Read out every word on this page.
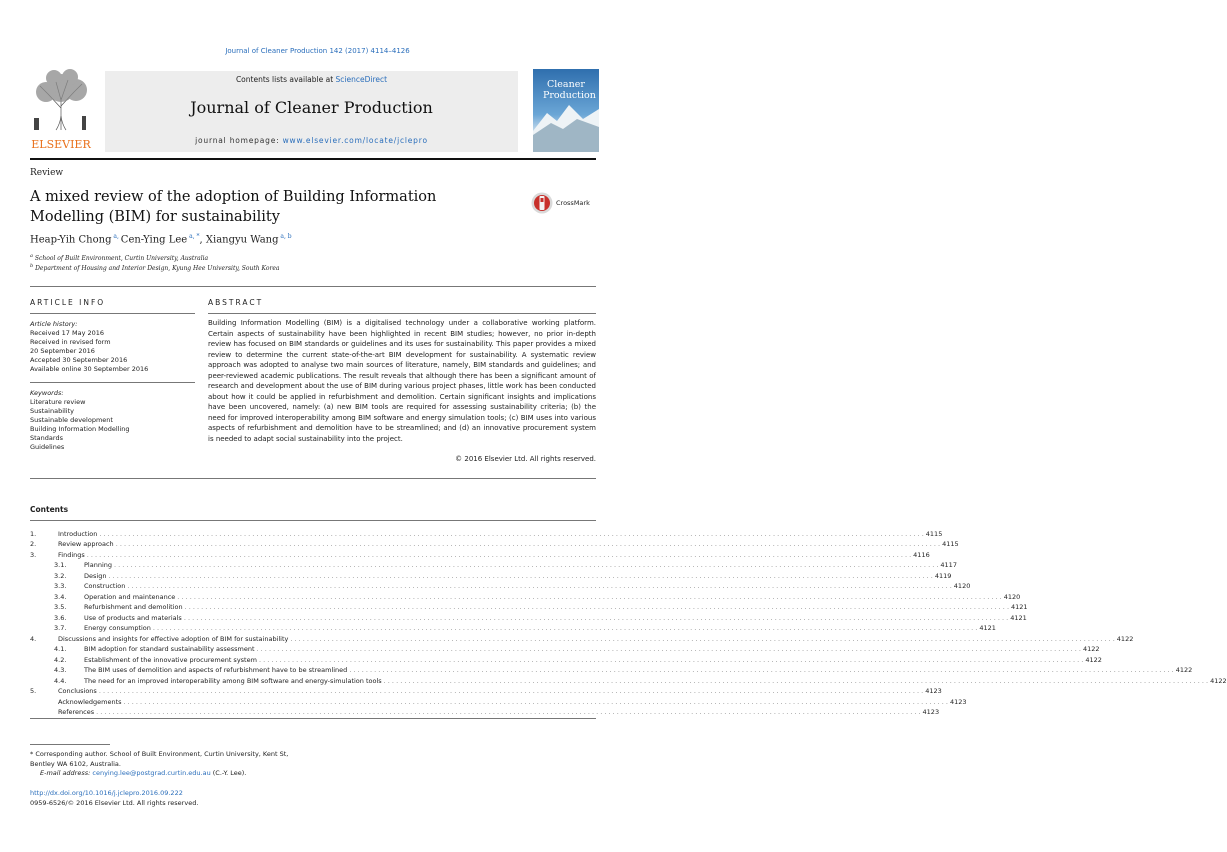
Journal of Cleaner Production 142 (2017) 4114–4126
ELSEVIER
Contents lists available at ScienceDirect
Journal of Cleaner Production
journal homepage: www.elsevier.com/locate/jclepro
Cleaner
Production
Review
A mixed review of the adoption of Building Information Modelling (BIM) for sustainability
CrossMark
Heap-Yih Chong $^{a,}$ Cen-Ying Lee $^{a, *}$, Xiangyu Wang $^{a, b}$
$^a$ School of Built Environment, Curtin University, Australia
$^b$ Department of Housing and Interior Design, Kyung Hee University, South Korea
ARTICLE INFO
Article history:
Received 17 May 2016
Received in revised form
20 September 2016
Accepted 30 September 2016
Available online 30 September 2016
Keywords:
Literature review
Sustainability
Sustainable development
Building Information Modelling
Standards
Guidelines
ABSTRACT
Building Information Modelling (BIM) is a digitalised technology under a collaborative working platform. Certain aspects of sustainability have been highlighted in recent BIM studies; however, no prior in-depth review has focused on BIM standards or guidelines and its uses for sustainability. This paper provides a mixed review to determine the current state-of-the-art BIM development for sustainability. A systematic review approach was adopted to analyse two main sources of literature, namely, BIM standards and guidelines; and peer-reviewed academic publications. The result reveals that although there has been a significant amount of research and development about the use of BIM during various project phases, little work has been conducted about how it could be applied in refurbishment and demolition. Certain significant insights and implications have been uncovered, namely: (a) new BIM tools are required for assessing sustainability criteria; (b) the need for improved interoperability among BIM software and energy simulation tools; (c) BIM uses into various aspects of refurbishment and demolition have to be streamlined; and (d) an innovative procurement system is needed to adapt social sustainability into the project.
© 2016 Elsevier Ltd. All rights reserved.
Contents
1.	Introduction . . . . . . . . . . . . . . . . . . . . . . . . . . . . . . . . . . . . . . . . . . . . . . . . . . . . . . . . . . . . . . . . . . . . . . . . . . . . . . . . . . . . . . . . . . . . . . . . . . . . . . . . . . . . . . . . . . . . . . . . . . . . . . . . . . . . . . . . . . . . . . . . . . . . . . . . . . . . . . . . . . . . . . . . . . . . . . . . . . . . . . . . . . . . . . . . . . . . . . . . 4115
2.	Review approach . . . . . . . . . . . . . . . . . . . . . . . . . . . . . . . . . . . . . . . . . . . . . . . . . . . . . . . . . . . . . . . . . . . . . . . . . . . . . . . . . . . . . . . . . . . . . . . . . . . . . . . . . . . . . . . . . . . . . . . . . . . . . . . . . . . . . . . . . . . . . . . . . . . . . . . . . . . . . . . . . . . . . . . . . . . . . . . . . . . . . . . . . . . . . . . . . . . . . . . . 4115
3.	Findings . . . . . . . . . . . . . . . . . . . . . . . . . . . . . . . . . . . . . . . . . . . . . . . . . . . . . . . . . . . . . . . . . . . . . . . . . . . . . . . . . . . . . . . . . . . . . . . . . . . . . . . . . . . . . . . . . . . . . . . . . . . . . . . . . . . . . . . . . . . . . . . . . . . . . . . . . . . . . . . . . . . . . . . . . . . . . . . . . . . . . . . . . . . . . . . . . . . . . . . . 4116
3.1.	Planning . . . . . . . . . . . . . . . . . . . . . . . . . . . . . . . . . . . . . . . . . . . . . . . . . . . . . . . . . . . . . . . . . . . . . . . . . . . . . . . . . . . . . . . . . . . . . . . . . . . . . . . . . . . . . . . . . . . . . . . . . . . . . . . . . . . . . . . . . . . . . . . . . . . . . . . . . . . . . . . . . . . . . . . . . . . . . . . . . . . . . . . . . . . . . . . . . . . . . . . . 4117
3.2.	Design . . . . . . . . . . . . . . . . . . . . . . . . . . . . . . . . . . . . . . . . . . . . . . . . . . . . . . . . . . . . . . . . . . . . . . . . . . . . . . . . . . . . . . . . . . . . . . . . . . . . . . . . . . . . . . . . . . . . . . . . . . . . . . . . . . . . . . . . . . . . . . . . . . . . . . . . . . . . . . . . . . . . . . . . . . . . . . . . . . . . . . . . . . . . . . . . . . . . . . . . 4119
3.3.	Construction . . . . . . . . . . . . . . . . . . . . . . . . . . . . . . . . . . . . . . . . . . . . . . . . . . . . . . . . . . . . . . . . . . . . . . . . . . . . . . . . . . . . . . . . . . . . . . . . . . . . . . . . . . . . . . . . . . . . . . . . . . . . . . . . . . . . . . . . . . . . . . . . . . . . . . . . . . . . . . . . . . . . . . . . . . . . . . . . . . . . . . . . . . . . . . . . . . . . . . . . 4120
3.4.	Operation and maintenance . . . . . . . . . . . . . . . . . . . . . . . . . . . . . . . . . . . . . . . . . . . . . . . . . . . . . . . . . . . . . . . . . . . . . . . . . . . . . . . . . . . . . . . . . . . . . . . . . . . . . . . . . . . . . . . . . . . . . . . . . . . . . . . . . . . . . . . . . . . . . . . . . . . . . . . . . . . . . . . . . . . . . . . . . . . . . . . . . . . . . . . . . . . . . . . . . . . . . . . . 4120
3.5.	Refurbishment and demolition . . . . . . . . . . . . . . . . . . . . . . . . . . . . . . . . . . . . . . . . . . . . . . . . . . . . . . . . . . . . . . . . . . . . . . . . . . . . . . . . . . . . . . . . . . . . . . . . . . . . . . . . . . . . . . . . . . . . . . . . . . . . . . . . . . . . . . . . . . . . . . . . . . . . . . . . . . . . . . . . . . . . . . . . . . . . . . . . . . . . . . . . . . . . . . . . . . . . . . . . 4121
3.6.	Use of products and materials . . . . . . . . . . . . . . . . . . . . . . . . . . . . . . . . . . . . . . . . . . . . . . . . . . . . . . . . . . . . . . . . . . . . . . . . . . . . . . . . . . . . . . . . . . . . . . . . . . . . . . . . . . . . . . . . . . . . . . . . . . . . . . . . . . . . . . . . . . . . . . . . . . . . . . . . . . . . . . . . . . . . . . . . . . . . . . . . . . . . . . . . . . . . . . . . . . . . . . . . 4121
3.7.	Energy consumption . . . . . . . . . . . . . . . . . . . . . . . . . . . . . . . . . . . . . . . . . . . . . . . . . . . . . . . . . . . . . . . . . . . . . . . . . . . . . . . . . . . . . . . . . . . . . . . . . . . . . . . . . . . . . . . . . . . . . . . . . . . . . . . . . . . . . . . . . . . . . . . . . . . . . . . . . . . . . . . . . . . . . . . . . . . . . . . . . . . . . . . . . . . . . . . . . . . . . . . . 4121
4.	Discussions and insights for effective adoption of BIM for sustainability . . . . . . . . . . . . . . . . . . . . . . . . . . . . . . . . . . . . . . . . . . . . . . . . . . . . . . . . . . . . . . . . . . . . . . . . . . . . . . . . . . . . . . . . . . . . . . . . . . . . . . . . . . . . . . . . . . . . . . . . . . . . . . . . . . . . . . . . . . . . . . . . . . . . . . . . . . . . . . . . . . . . . . . . . . . . . . . . . . . . . . . . . . . . . . . . . . . . . . . . 4122
4.1.	BIM adoption for standard sustainability assessment . . . . . . . . . . . . . . . . . . . . . . . . . . . . . . . . . . . . . . . . . . . . . . . . . . . . . . . . . . . . . . . . . . . . . . . . . . . . . . . . . . . . . . . . . . . . . . . . . . . . . . . . . . . . . . . . . . . . . . . . . . . . . . . . . . . . . . . . . . . . . . . . . . . . . . . . . . . . . . . . . . . . . . . . . . . . . . . . . . . . . . . . . . . . . . . . . . . . . . . . 4122
4.2.	Establishment of the innovative procurement system . . . . . . . . . . . . . . . . . . . . . . . . . . . . . . . . . . . . . . . . . . . . . . . . . . . . . . . . . . . . . . . . . . . . . . . . . . . . . . . . . . . . . . . . . . . . . . . . . . . . . . . . . . . . . . . . . . . . . . . . . . . . . . . . . . . . . . . . . . . . . . . . . . . . . . . . . . . . . . . . . . . . . . . . . . . . . . . . . . . . . . . . . . . . . . . . . . . . . . . . 4122
4.3.	The BIM uses of demolition and aspects of refurbishment have to be streamlined . . . . . . . . . . . . . . . . . . . . . . . . . . . . . . . . . . . . . . . . . . . . . . . . . . . . . . . . . . . . . . . . . . . . . . . . . . . . . . . . . . . . . . . . . . . . . . . . . . . . . . . . . . . . . . . . . . . . . . . . . . . . . . . . . . . . . . . . . . . . . . . . . . . . . . . . . . . . . . . . . . . . . . . . . . . . . . . . . . . . . . . . . . . . . . . . . . . . . . . . 4122
4.4.	The need for an improved interoperability among BIM software and energy-simulation tools . . . . . . . . . . . . . . . . . . . . . . . . . . . . . . . . . . . . . . . . . . . . . . . . . . . . . . . . . . . . . . . . . . . . . . . . . . . . . . . . . . . . . . . . . . . . . . . . . . . . . . . . . . . . . . . . . . . . . . . . . . . . . . . . . . . . . . . . . . . . . . . . . . . . . . . . . . . . . . . . . . . . . . . . . . . . . . . . . . . . . . . . . . . . . . . . . . . . . . . . 4122
5.	Conclusions . . . . . . . . . . . . . . . . . . . . . . . . . . . . . . . . . . . . . . . . . . . . . . . . . . . . . . . . . . . . . . . . . . . . . . . . . . . . . . . . . . . . . . . . . . . . . . . . . . . . . . . . . . . . . . . . . . . . . . . . . . . . . . . . . . . . . . . . . . . . . . . . . . . . . . . . . . . . . . . . . . . . . . . . . . . . . . . . . . . . . . . . . . . . . . . . . . . . . . . . 4123
Acknowledgements . . . . . . . . . . . . . . . . . . . . . . . . . . . . . . . . . . . . . . . . . . . . . . . . . . . . . . . . . . . . . . . . . . . . . . . . . . . . . . . . . . . . . . . . . . . . . . . . . . . . . . . . . . . . . . . . . . . . . . . . . . . . . . . . . . . . . . . . . . . . . . . . . . . . . . . . . . . . . . . . . . . . . . . . . . . . . . . . . . . . . . . . . . . . . . . . . . . . . . . . 4123
References . . . . . . . . . . . . . . . . . . . . . . . . . . . . . . . . . . . . . . . . . . . . . . . . . . . . . . . . . . . . . . . . . . . . . . . . . . . . . . . . . . . . . . . . . . . . . . . . . . . . . . . . . . . . . . . . . . . . . . . . . . . . . . . . . . . . . . . . . . . . . . . . . . . . . . . . . . . . . . . . . . . . . . . . . . . . . . . . . . . . . . . . . . . . . . . . . . . . . . . . 4123
* Corresponding author. School of Built Environment, Curtin University, Kent St,
Bentley WA 6102, Australia.
E-mail address: cenying.lee@postgrad.curtin.edu.au (C.-Y. Lee).
http://dx.doi.org/10.1016/j.jclepro.2016.09.222
0959-6526/© 2016 Elsevier Ltd. All rights reserved.
